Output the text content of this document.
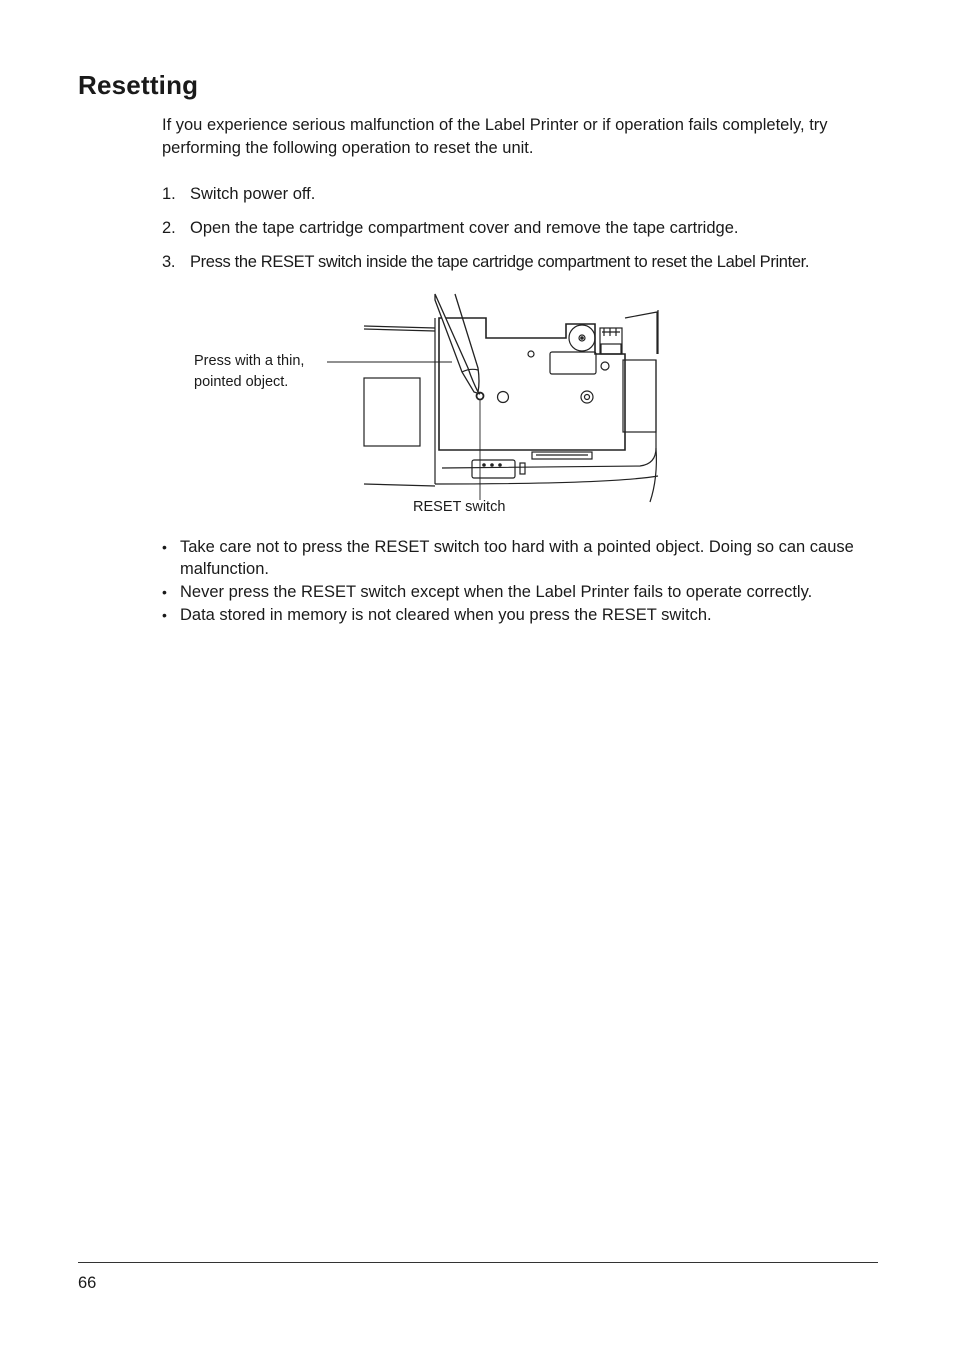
Resetting

If you experience serious malfunction of the Label Printer or if operation fails completely, try performing the following operation to reset the unit.

1. Switch power off.
2. Open the tape cartridge compartment cover and remove the tape cartridge.
3. Press the RESET switch inside the tape cartridge compartment to reset the Label Printer.
Press with a thin, pointed object.
RESET switch
• Take care not to press the RESET switch too hard with a pointed object. Doing so can cause malfunction.
• Never press the RESET switch except when the Label Printer fails to operate correctly.
• Data stored in memory is not cleared when you press the RESET switch.
66
